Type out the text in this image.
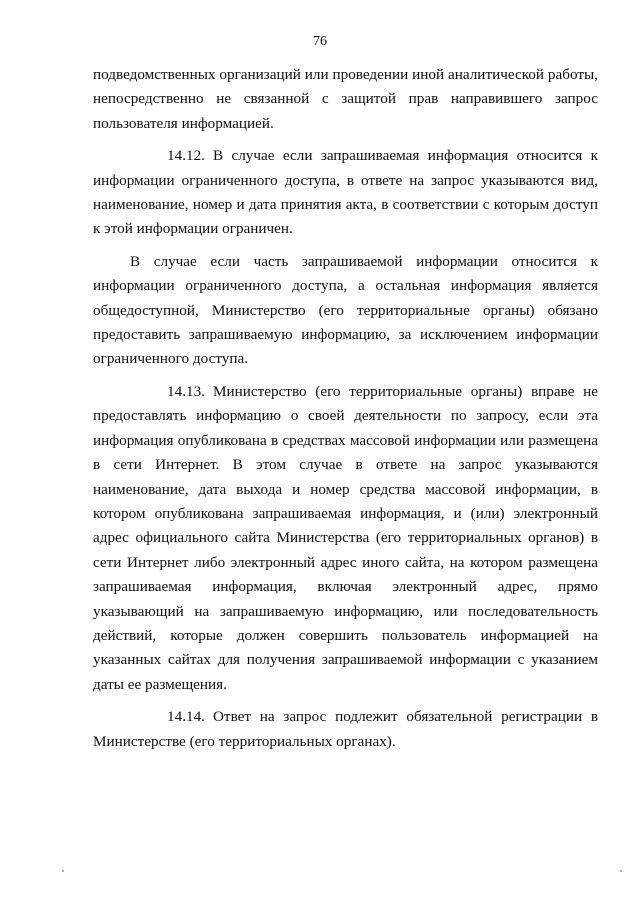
76

подведомственных организаций или проведении иной аналитической работы, непосредственно не связанной с защитой прав направившего запрос пользователя информацией.

14.12. В случае если запрашиваемая информация относится к информации ограниченного доступа, в ответе на запрос указываются вид, наименование, номер и дата принятия акта, в соответствии с которым доступ к этой информации ограничен.

В случае если часть запрашиваемой информации относится к информации ограниченного доступа, а остальная информация является общедоступной, Министерство (его территориальные органы) обязано предоставить запрашиваемую информацию, за исключением информации ограниченного доступа.

14.13. Министерство (его территориальные органы) вправе не предоставлять информацию о своей деятельности по запросу, если эта информация опубликована в средствах массовой информации или размещена в сети Интернет. В этом случае в ответе на запрос указываются наименование, дата выхода и номер средства массовой информации, в котором опубликована запрашиваемая информация, и (или) электронный адрес официального сайта Министерства (его территориальных органов) в сети Интернет либо электронный адрес иного сайта, на котором размещена запрашиваемая информация, включая электронный адрес, прямо указывающий на запрашиваемую информацию, или последовательность действий, которые должен совершить пользователь информацией на указанных сайтах для получения запрашиваемой информации с указанием даты ее размещения.

14.14. Ответ на запрос подлежит обязательной регистрации в Министерстве (его территориальных органах).
